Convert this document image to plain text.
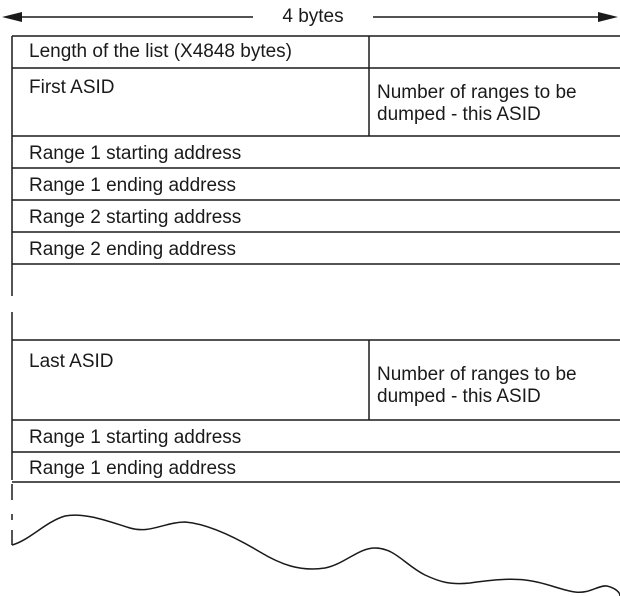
4 bytes
Length of the list (X4848 bytes)
First ASID	Number of ranges to be
dumped - this ASID
Range 1 starting address
Range 1 ending address
Range 2 starting address
Range 2 ending address
Last ASID
Number of ranges to be
dumped - this ASID
Range 1 starting address
Range 1 ending address
